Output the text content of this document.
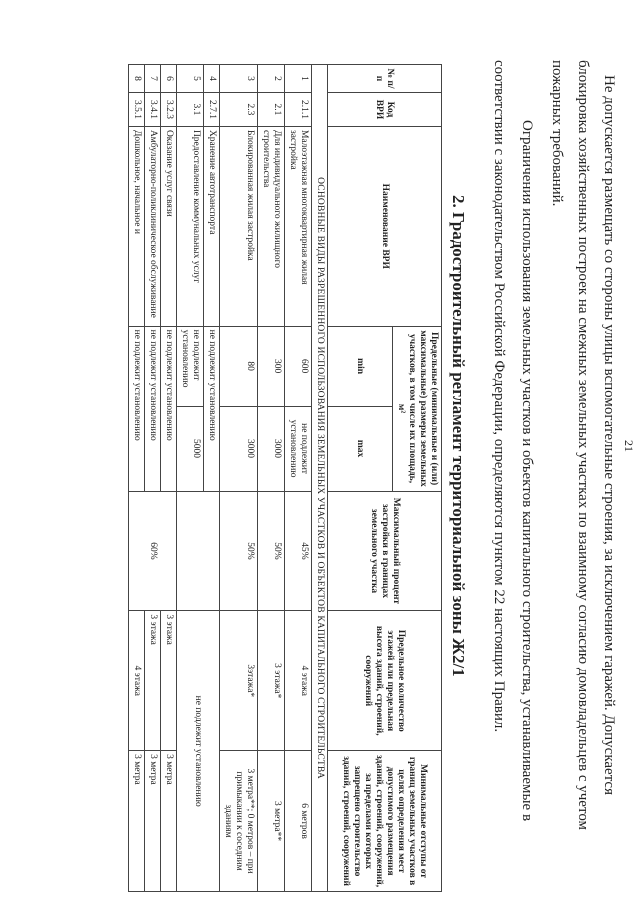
21
Не допускается размещать со стороны улицы вспомогательные строения, за исключением гаражей. Допускается
блокировка хозяйственных построек на смежных земельных участках по взаимному согласию домовладельцев с учетом
пожарных требований.
Ограничения использования земельных участков и объектов капитального строительства, устанавливаемые в
соответствии с законодательством Российской Федерации, определяются пунктом 22 настоящих Правил.
2. Градостроительный регламент территориальной зоны Ж2/1
№ п/п	Код ВРИ	Наименование ВРИ	Предельные (минимальные и (или) максимальные) размеры земельных участков, в том числе их площадь, м²		Максимальный процент застройки в границах земельного участка	Предельное количество этажей или предельная высота зданий, строений, сооружений	Минимальные отступы от границ земельных участков в целях определения мест допустимого размещения зданий, строений, сооружений, за пределами которых запрещено строительство зданий, строений, сооружений
			min	max			
ОСНОВНЫЕ ВИДЫ РАЗРЕШЕННОГО ИСПОЛЬЗОВАНИЯ ЗЕМЕЛЬНЫХ УЧАСТКОВ И ОБЪЕКТОВ КАПИТАЛЬНОГО СТРОИТЕЛЬСТВА							
1	2.1.1	Малоэтажная многоквартирная жилая застройка	600	не подлежит установлению	45%	4 этажа	6 метров
2	2.1	Для индивидуального жилищного строительства	300	3000	50%	3 этажа*	3 метра**
3	2.3	Блокированная жилая застройка	80	3000	50%	3этажа*	3 метра**; 0 метров – при примыкании к соседним зданиям
4	2.7.1	Хранение автотранспорта	не подлежит установлению			не подлежит установлению	
5	3.1	Предоставление коммунальных услуг	не подлежит установлению	5000			
6	3.2.3	Оказание услуг связи	не подлежит установлению		60%	3 этажа	3 метра
7	3.4.1	Амбулаторно-поликлиническое обслуживание	не подлежит установлению			3 этажа	3 метра
8	3.5.1	Дошкольное, начальное и	не подлежит установлению			4 этажа	3 метра
